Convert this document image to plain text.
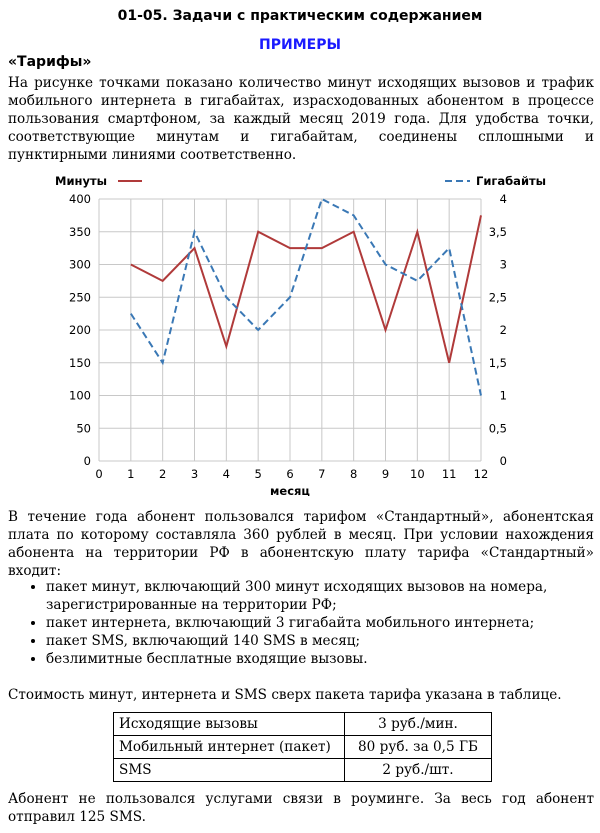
01-05. Задачи с практическим содержанием
ПРИМЕРЫ
«Тарифы»
На рисунке точками показано количество минут исходящих вызовов и трафик мобильного интернета в гигабайтах, израсходованных абонентом в процессе пользования смартфоном, за каждый месяц 2019 года. Для удобства точки, соответствующие минутам и гигабайтам, соединены сплошными и пунктирными линиями соответственно.
0	0
50	0,5
100	1
150	1,5
200	2
250	2,5
300	3
350	3,5
400	4
0 1 2 3 4 5 6 7 8 9 10 11 12
месяц
Минуты	Гигабайты
В течение года абонент пользовался тарифом «Стандартный», абонентская плата по которому составляла 360 рублей в месяц. При условии нахождения абонента на территории РФ в абонентскую плату тарифа «Стандартный» входит:
• пакет минут, включающий 300 минут исходящих вызовов на номера, зарегистрированные на территории РФ;
• пакет интернета, включающий 3 гигабайта мобильного интернета;
• пакет SMS, включающий 140 SMS в месяц;
• безлимитные бесплатные входящие вызовы.
Стоимость минут, интернета и SMS сверх пакета тарифа указана в таблице.
Исходящие вызовы	3 руб./мин.
Мобильный интернет (пакет)	80 руб. за 0,5 ГБ
SMS	2 руб./шт.
Абонент не пользовался услугами связи в роуминге. За весь год абонент отправил 125 SMS.
